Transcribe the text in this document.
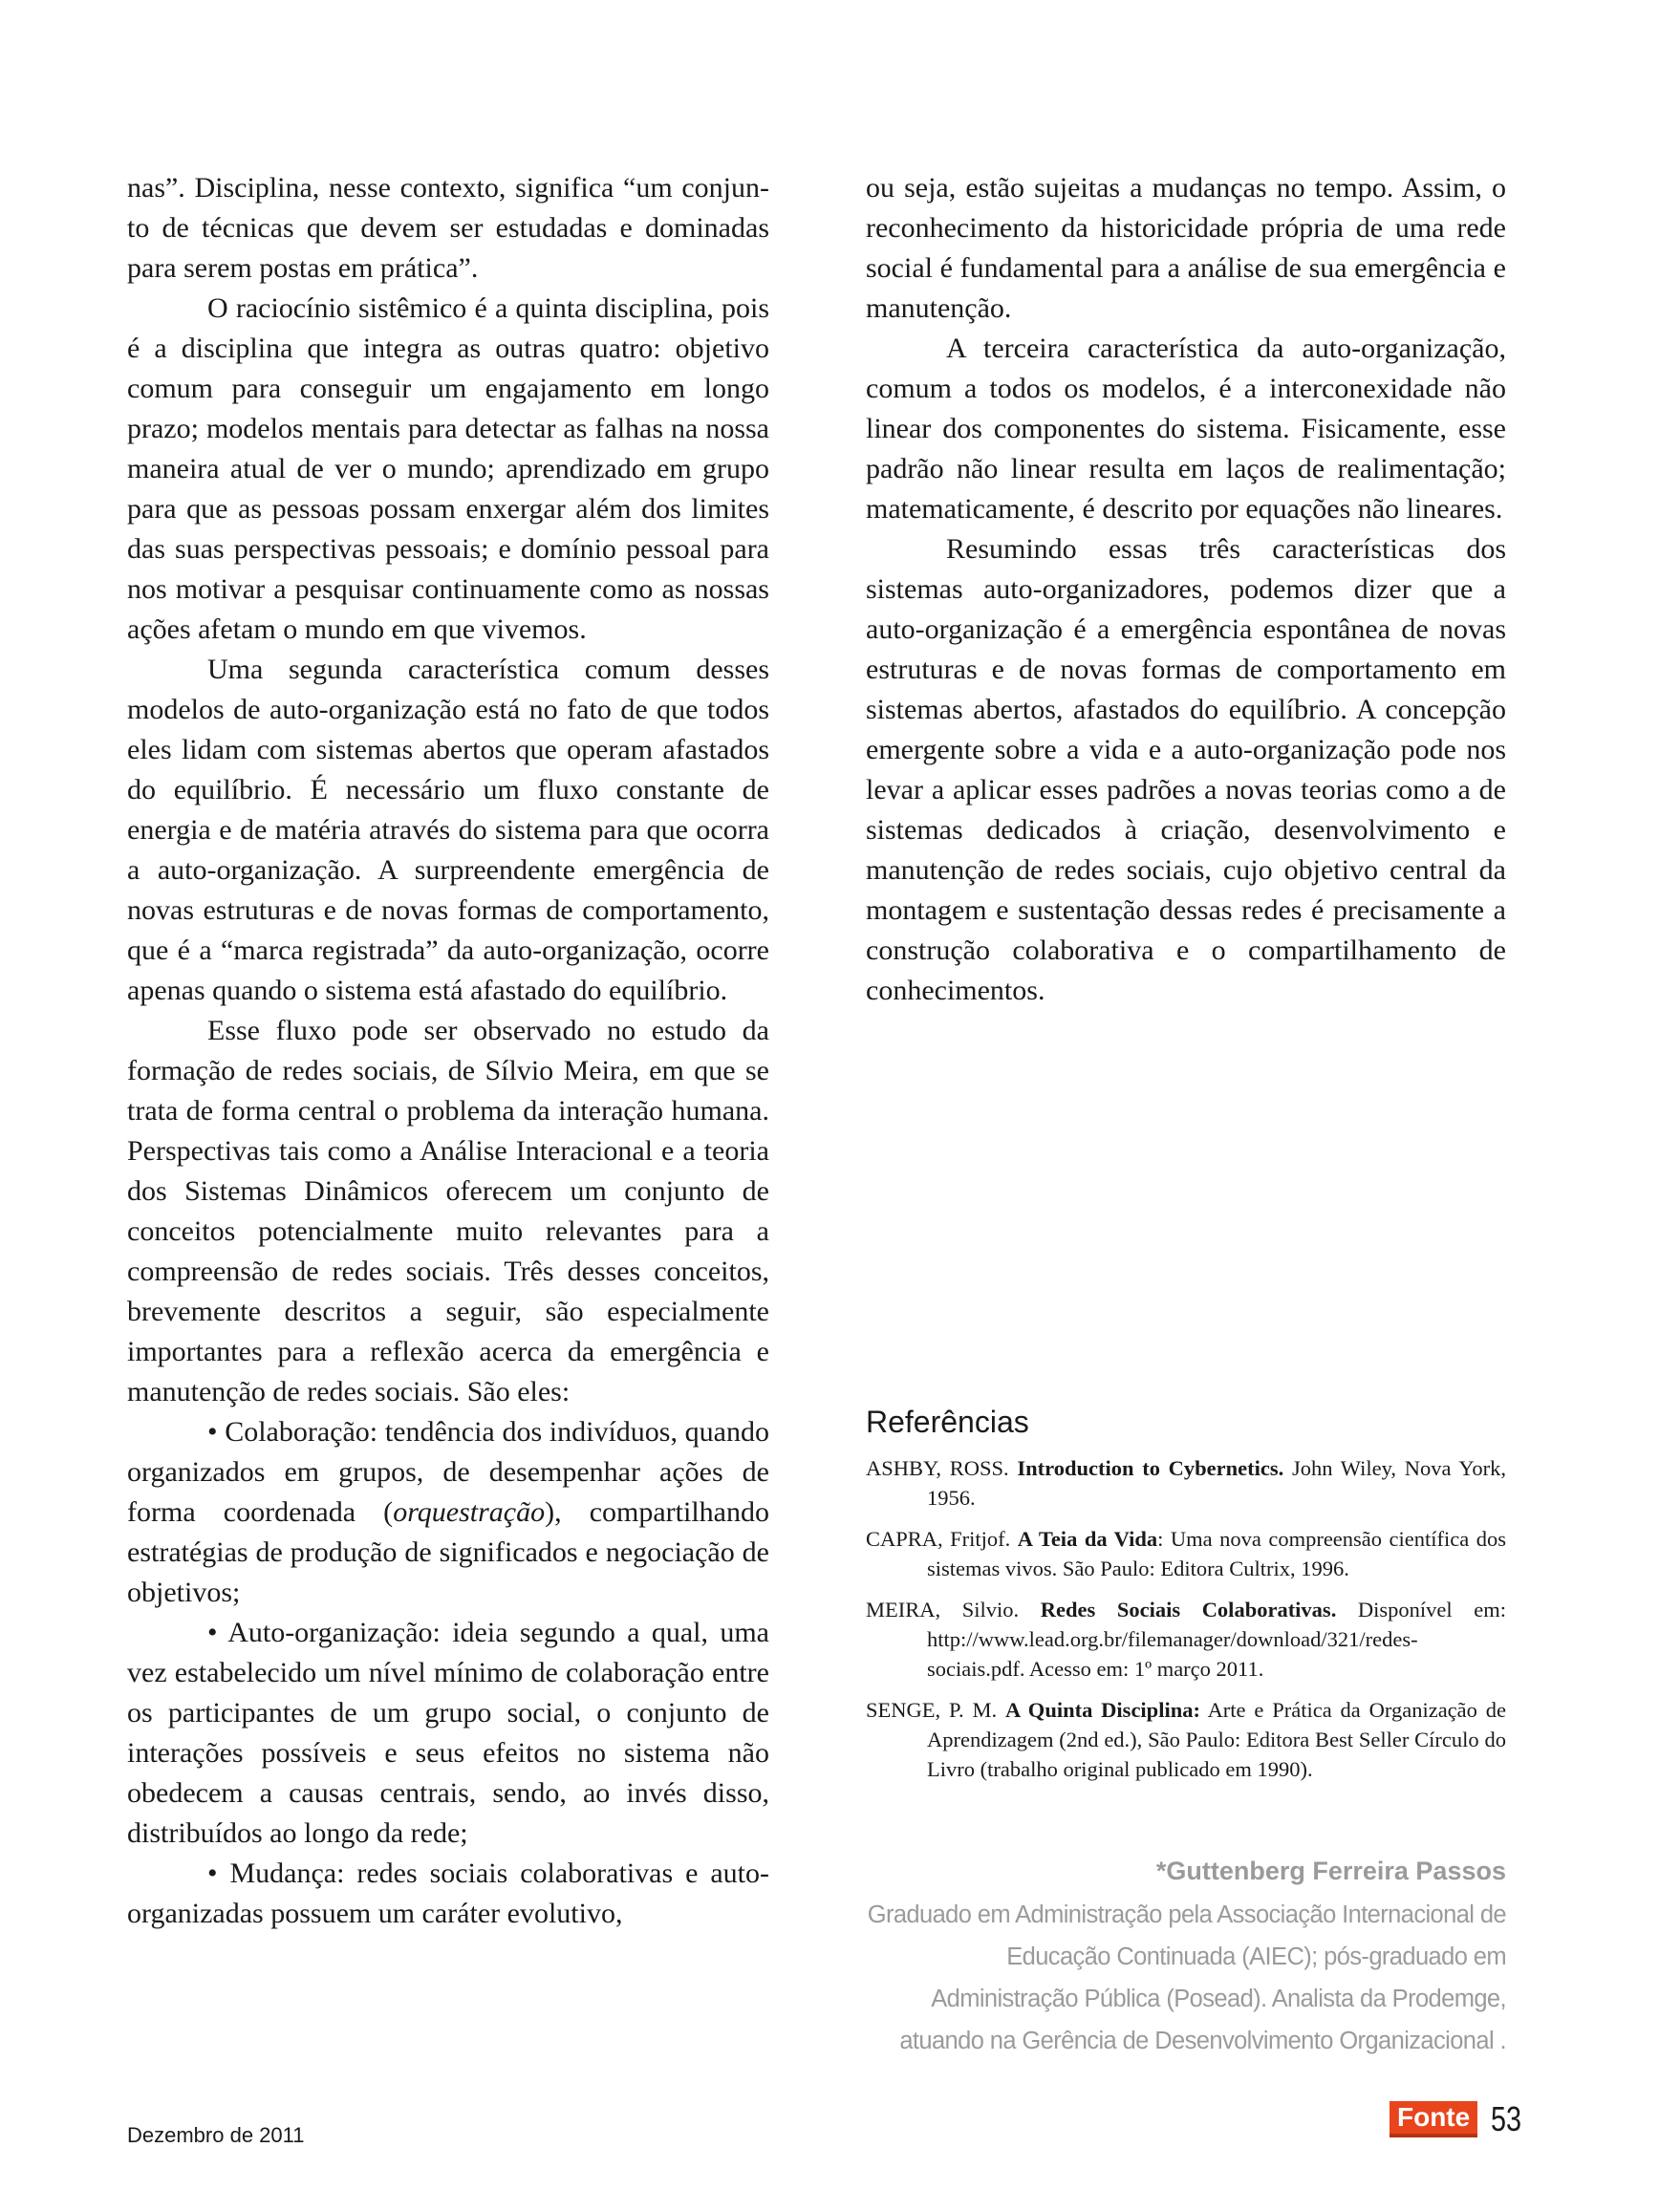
nas”. Disciplina, nesse contexto, significa “um conjunto de técnicas que devem ser estudadas e dominadas para serem postas em prática”.

O raciocínio sistêmico é a quinta disciplina, pois é a disciplina que integra as outras quatro: objetivo comum para conseguir um engajamento em longo prazo; modelos mentais para detectar as falhas na nossa maneira atual de ver o mundo; aprendizado em grupo para que as pessoas possam enxergar além dos limites das suas perspectivas pessoais; e domínio pessoal para nos motivar a pesquisar continuamente como as nossas ações afetam o mundo em que vivemos.

Uma segunda característica comum desses modelos de auto-organização está no fato de que todos eles lidam com sistemas abertos que operam afastados do equilíbrio. É necessário um fluxo constante de energia e de matéria através do sistema para que ocorra a auto-organização. A surpreendente emergência de novas estruturas e de novas formas de comportamento, que é a “marca registrada” da auto-organização, ocorre apenas quando o sistema está afastado do equilíbrio.

Esse fluxo pode ser observado no estudo da formação de redes sociais, de Sílvio Meira, em que se trata de forma central o problema da interação humana. Perspectivas tais como a Análise Interacional e a teoria dos Sistemas Dinâmicos oferecem um conjunto de conceitos potencialmente muito relevantes para a compreensão de redes sociais. Três desses conceitos, brevemente descritos a seguir, são especialmente importantes para a reflexão acerca da emergência e manutenção de redes sociais. São eles:

• Colaboração: tendência dos indivíduos, quando organizados em grupos, de desempenhar ações de forma coordenada (orquestração), compartilhando estratégias de produção de significados e negociação de objetivos;

• Auto-organização: ideia segundo a qual, uma vez estabelecido um nível mínimo de colaboração entre os participantes de um grupo social, o conjunto de interações possíveis e seus efeitos no sistema não obedecem a causas centrais, sendo, ao invés disso, distribuídos ao longo da rede;

• Mudança: redes sociais colaborativas e auto-organizadas possuem um caráter evolutivo,

ou seja, estão sujeitas a mudanças no tempo. Assim, o reconhecimento da historicidade própria de uma rede social é fundamental para a análise de sua emergência e manutenção.

A terceira característica da auto-organização, comum a todos os modelos, é a interconexidade não linear dos componentes do sistema. Fisicamente, esse padrão não linear resulta em laços de realimentação; matematicamente, é descrito por equações não lineares.

Resumindo essas três características dos sistemas auto-organizadores, podemos dizer que a auto-organização é a emergência espontânea de novas estruturas e de novas formas de comportamento em sistemas abertos, afastados do equilíbrio. A concepção emergente sobre a vida e a auto-organização pode nos levar a aplicar esses padrões a novas teorias como a de sistemas dedicados à criação, desenvolvimento e manutenção de redes sociais, cujo objetivo central da montagem e sustentação dessas redes é precisamente a construção colaborativa e o compartilhamento de conhecimentos.

Referências

ASHBY, ROSS. Introduction to Cybernetics. John Wiley, Nova York, 1956.

CAPRA, Fritjof. A Teia da Vida: Uma nova compreensão científica dos sistemas vivos. São Paulo: Editora Cultrix, 1996.

MEIRA, Silvio. Redes Sociais Colaborativas. Disponível em: http://www.lead.org.br/filemanager/download/321/redes-sociais.pdf. Acesso em: 1º março 2011.

SENGE, P. M. A Quinta Disciplina: Arte e Prática da Organização de Aprendizagem (2nd ed.), São Paulo: Editora Best Seller Círculo do Livro (trabalho original publicado em 1990).

*Guttenberg Ferreira Passos

Graduado em Administração pela Associação Internacional de Educação Continuada (AIEC); pós-graduado em Administração Pública (Posead). Analista da Prodemge, atuando na Gerência de Desenvolvimento Organizacional .

Dezembro de 2011
Fonte 53
